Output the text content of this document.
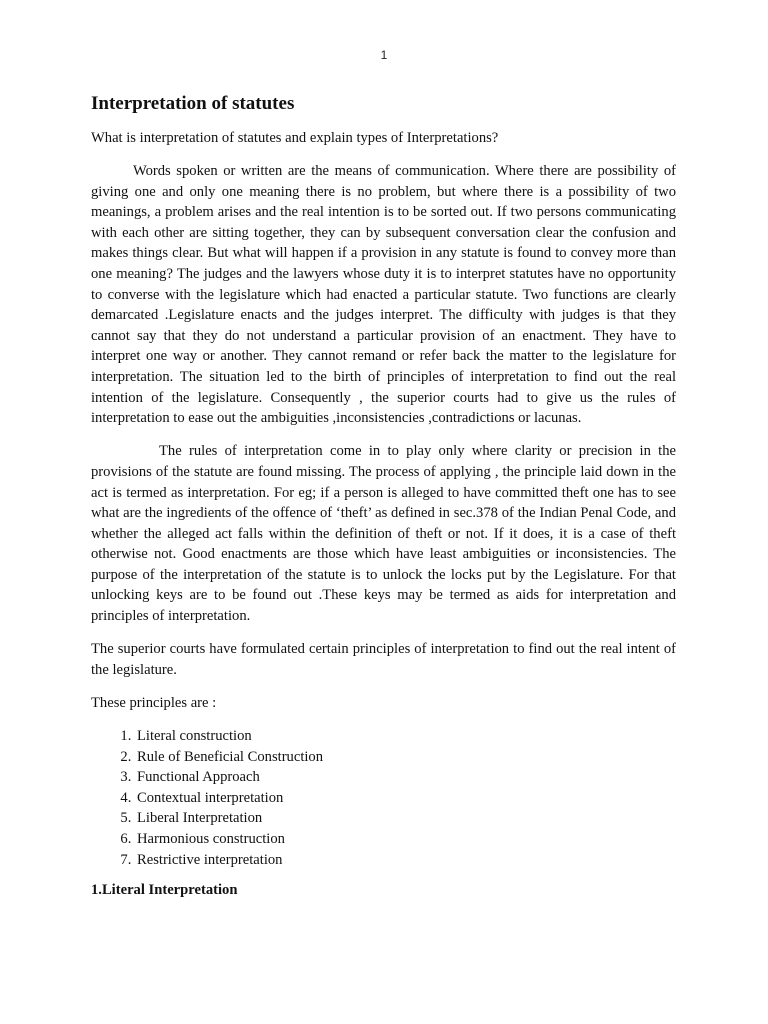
1
Interpretation of statutes

What is interpretation of statutes and explain types of Interpretations?

Words spoken or written are the means of communication. Where there are possibility of giving one and only one meaning there is no problem, but where there is a possibility of two meanings, a problem arises and the real intention is to be sorted out. If two persons communicating with each other are sitting together, they can by subsequent conversation clear the confusion and makes things clear. But what will happen if a provision in any statute is found to convey more than one meaning? The judges and the lawyers whose duty it is to interpret statutes have no opportunity to converse with the legislature which had enacted a particular statute. Two functions are clearly demarcated .Legislature enacts and the judges interpret. The difficulty with judges is that they cannot say that they do not understand a particular provision of an enactment. They have to interpret one way or another. They cannot remand or refer back the matter to the legislature for interpretation. The situation led to the birth of principles of interpretation to find out the real intention of the legislature. Consequently , the superior courts had to give us the rules of interpretation to ease out the ambiguities ,inconsistencies ,contradictions or lacunas.

The rules of interpretation come in to play only where clarity or precision in the provisions of the statute are found missing. The process of applying , the principle laid down in the act is termed as interpretation. For eg; if a person is alleged to have committed theft one has to see what are the ingredients of the offence of ‘theft’ as defined in sec.378 of the Indian Penal Code, and whether the alleged act falls within the definition of theft or not. If it does, it is a case of theft otherwise not. Good enactments are those which have least ambiguities or inconsistencies. The purpose of the interpretation of the statute is to unlock the locks put by the Legislature. For that unlocking keys are to be found out .These keys may be termed as aids for interpretation and principles of interpretation.

The superior courts have formulated certain principles of interpretation to find out the real intent of the legislature.

These principles are :

1. Literal construction
2. Rule of Beneficial Construction
3. Functional Approach
4. Contextual interpretation
5. Liberal Interpretation
6. Harmonious construction
7. Restrictive interpretation
1.Literal Interpretation
